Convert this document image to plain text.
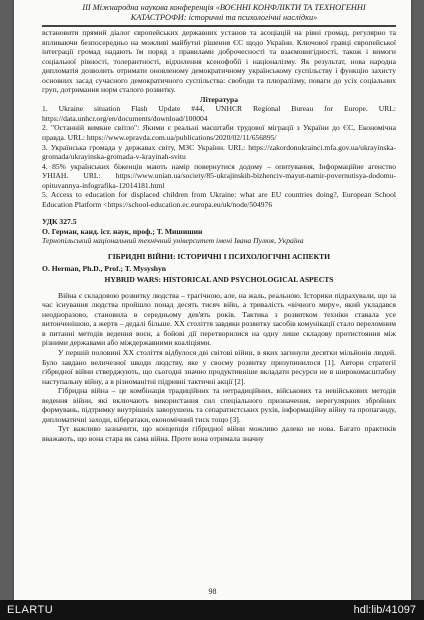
ІІІ Міжнародна наукова конференція «ВОЄННІ КОНФЛІКТИ ТА ТЕХНОГЕННІ
КАТАСТРОФИ: історичні та психологічні наслідки»

встановити прямий діалог європейських державних установ та асоціацій на рівні громад, регулярно та впливаючи безпосередньо на можливі майбутні рішення ЄС щодо України. Ключової гравці європейської інтеграції громад надають їм поряд з правилами доброчесності та взаємовигідності, також і вимоги соціальної рівності, толерантності, відхилення ксенофобії і націоналізму. Як результат, нова народна дипломатія дозволить отримати оновленому демократичному українському суспільству і функцію захисту основних засад сучасного демократичного суспільства: свободи та плюралізму, поваги до усіх соціальних груп, дотримання норм сталого розвитку.

Література

1. Ukraine situation Flash Update #44, UNHCR Regional Bureau for Europe. URL: https://data.unhcr.org/en/documents/download/100004

2. "Останній вимкне світло": Якими є реальні масштаби трудової міграції з України до ЄС, Економічна правда. URL: https://www.epravda.com.ua/publications/2020/02/11/656895/

3. Українська громада у державах світу, МЗС України. URL: https://zakordonukrainci.mfa.gov.ua/ukrayinska-gromada/ukrayinska-gromada-v-krayinah-svitu

4. 85% українських біженців мають намір повернутися додому – опитування, Інформаційне агенство УНІАН. URL: https://www.unian.ua/society/85-ukrajinskih-bizhenciv-mayut-namir-povernutisya-dodomu-opituvannya-infografika-12014181.html

5. Access to education for displaced children from Ukraine: what are EU countries doing?, European School Education Platform <https://school-education.ec.europa.eu/uk/node/504976

УДК 327.5

О. Герман, канд. іст. наук, проф.; Т. Мишишин

Тернопільський національний технічний університет імені Івана Пулюя, Україна

ГІБРИДНІ ВІЙНИ: ІСТОРИЧНІ І ПСИХОЛОГІЧНІ АСПЕКТИ

O. Herman, Ph.D., Prof.; T. Mysyshyn

HYBRID WARS: HISTORICAL AND PSYCHOLOGICAL ASPECTS

Війна є складовою розвитку людства – трагічною, але, на жаль, реальною. Історики підрахували, що за час існування людства пройшло понад десять тисяч війн, а тривалість «вічного миру», який укладався неодноразово, становила в середньому дев'ять років. Тактика з розвитком техніки ставала усе витонченішою, а жертв – дедалі більше. ХХ століття завдяки розвитку засобів комунікації стало переломним в питанні методів ведення воєн, а бойові дії перетворилися на одну лише складову протистояння між різними державами або міждержавними коаліціями.

У першій половині ХХ століття відбулося дві світові війни, в яких загинули десятки мільйонів людей. Було завдано величезної шкоди людству, яке у своєму розвитку призупинилося [1]. Автори стратегії гібридної війни стверджують, що сьогодні значно продуктивніше вкладати ресурси не в широкомасштабну наступальну війну, а в різноманітні підривні тактичні акції [2].

Гібридна війна – це комбінація традиційних та нетрадиційних, військових та невійськових методів ведення війни, які включають використання сил спеціального призначення, нерегулярних збройних формувань, підтримку внутрішніх заворушень та сепаратистських рухів, інформаційну війну та пропаганду, дипломатичні заходи, кібератаки, економічний тиск тощо [3].

Тут важливо зазначити, що концепція гібридної війни можливо далеко не нова. Багато практиків вважають, що вона стара як сама війна. Проте вона отримала значну

98
ELARTU	hdl:lib/41097
